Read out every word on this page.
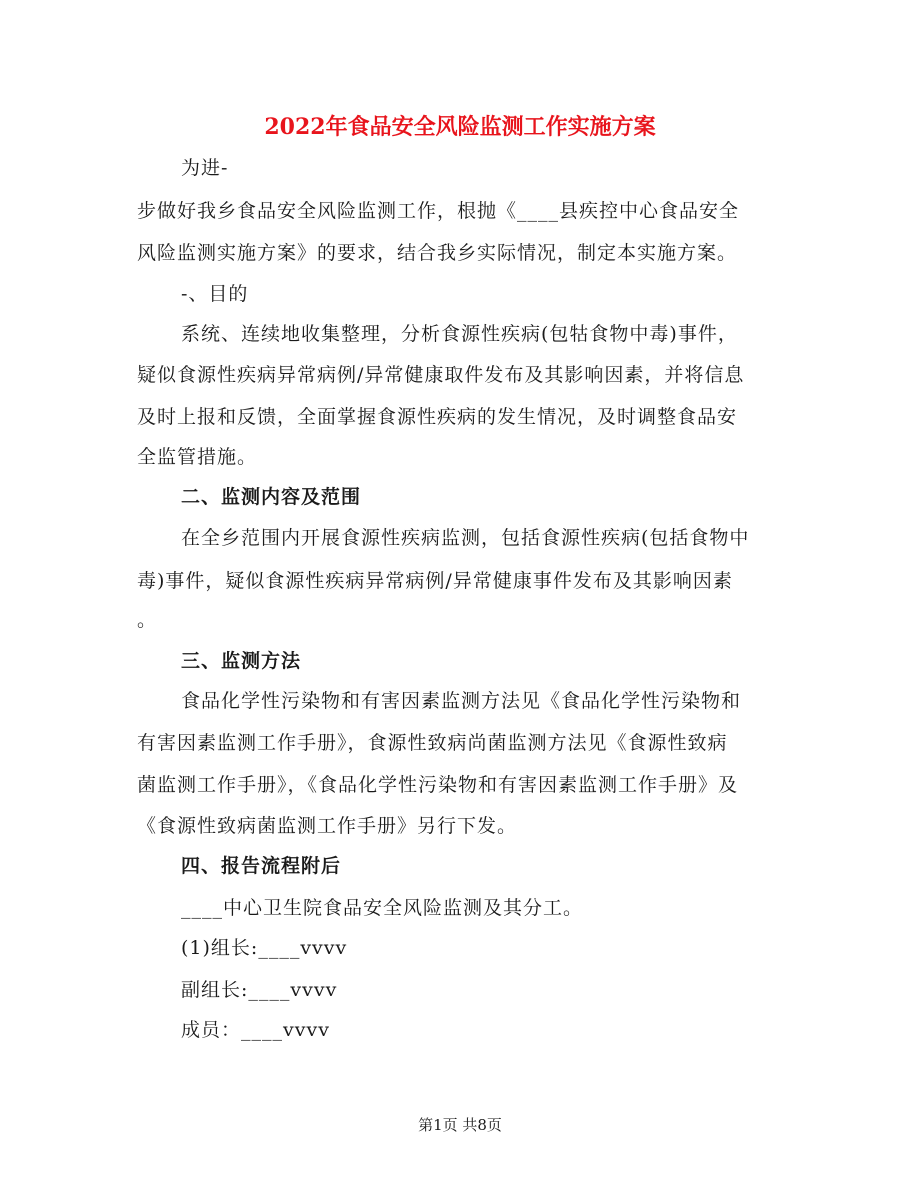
2022年食品安全风险监测工作实施方案

为进-

步做好我乡食品安全风险监测工作，根抛《____县疾控中心食品安全

风险监测实施方案》的要求，结合我乡实际情况，制定本实施方案。

-、目的

系统、连续地收集整理，分析食源性疾病(包牯食物中毒)事件，

疑似食源性疾病异常病例/异常健康取件发布及其影响因素，并将信息

及时上报和反馈，全面掌握食源性疾病的发生情况，及时调整食品安

全监管措施。

二、监测内容及范围

在全乡范围内开展食源性疾病监测，包括食源性疾病(包括食物中

毒)事件，疑似食源性疾病异常病例/异常健康事件发布及其影响因素

。

三、监测方法

食品化学性污染物和有害因素监测方法见《食品化学性污染物和

有害因素监测工作手册》，食源性致病尚菌监测方法见《食源性致病

菌监测工作手册》，《食品化学性污染物和有害因素监测工作手册》及

《食源性致病菌监测工作手册》另行下发。

四、报告流程附后

____中心卫生院食品安全风险监测及其分工。

(1)组长:____vvvv

副组长:____vvvv

成员：____vvvv

第1页 共8页
